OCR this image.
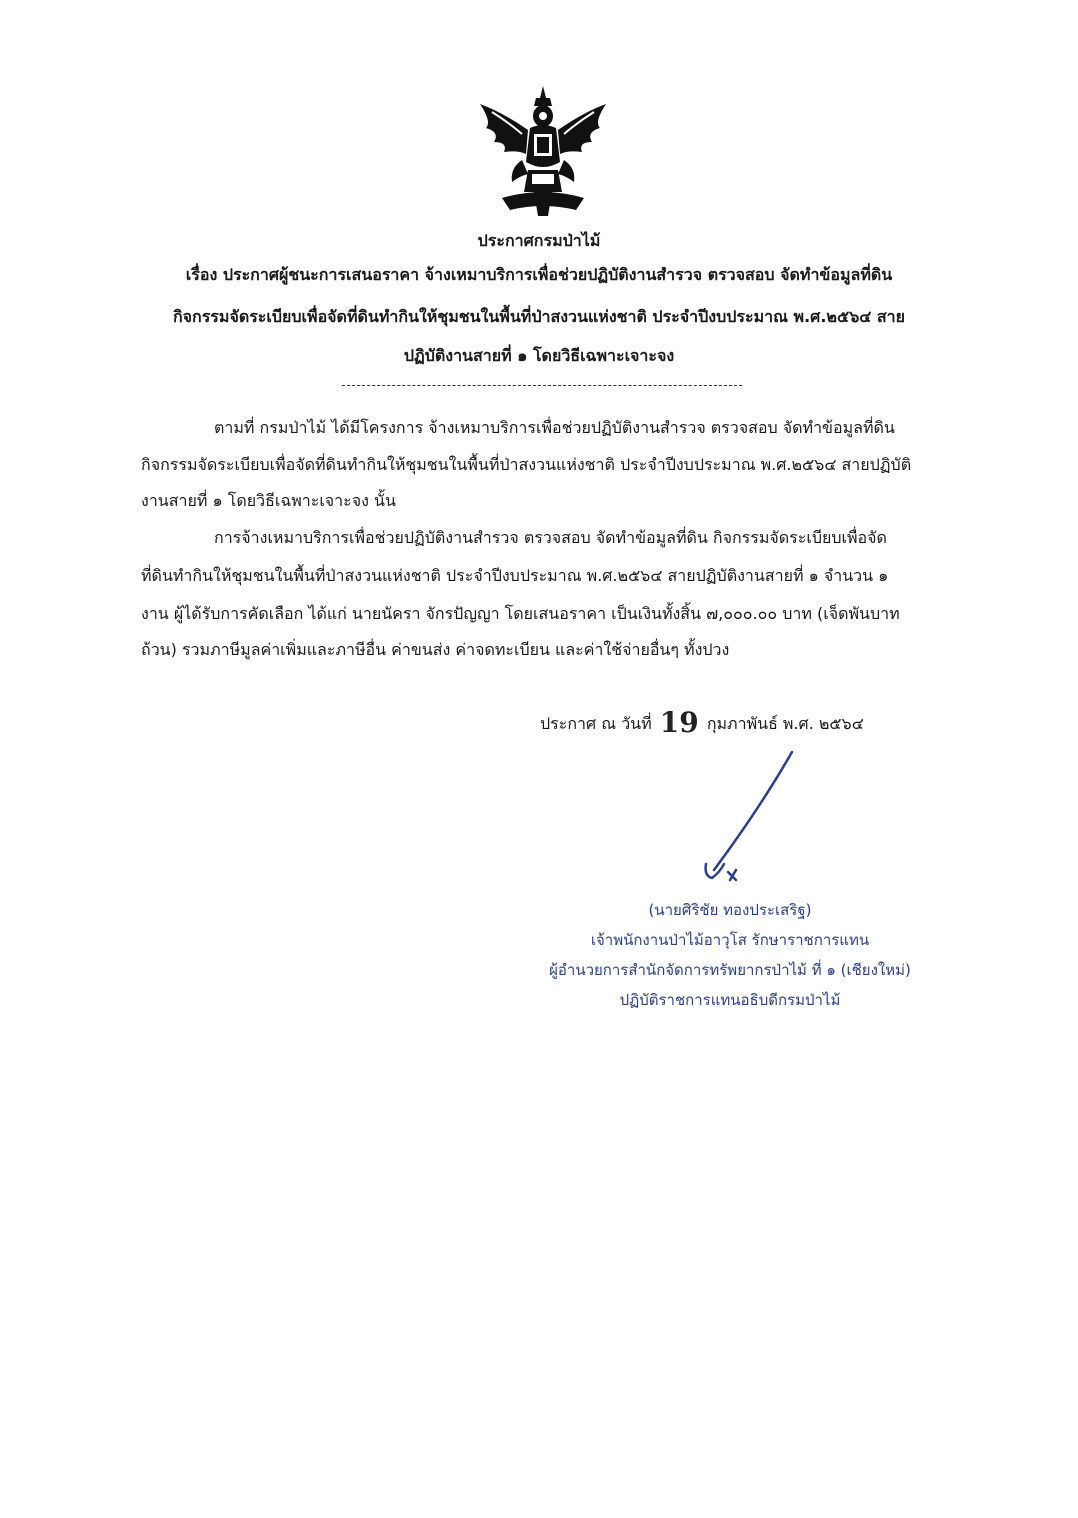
ประกาศกรมป่าไม้
เรื่อง ประกาศผู้ชนะการเสนอราคา จ้างเหมาบริการเพื่อช่วยปฏิบัติงานสำรวจ ตรวจสอบ จัดทำข้อมูลที่ดิน
กิจกรรมจัดระเบียบเพื่อจัดที่ดินทำกินให้ชุมชนในพื้นที่ป่าสงวนแห่งชาติ ประจำปีงบประมาณ พ.ศ.๒๕๖๔ สาย
ปฏิบัติงานสายที่ ๑ โดยวิธีเฉพาะเจาะจง
ตามที่ กรมป่าไม้ ได้มีโครงการ จ้างเหมาบริการเพื่อช่วยปฏิบัติงานสำรวจ ตรวจสอบ จัดทำข้อมูลที่ดิน
กิจกรรมจัดระเบียบเพื่อจัดที่ดินทำกินให้ชุมชนในพื้นที่ป่าสงวนแห่งชาติ ประจำปีงบประมาณ พ.ศ.๒๕๖๔ สายปฏิบัติ
งานสายที่ ๑ โดยวิธีเฉพาะเจาะจง นั้น
การจ้างเหมาบริการเพื่อช่วยปฏิบัติงานสำรวจ ตรวจสอบ จัดทำข้อมูลที่ดิน กิจกรรมจัดระเบียบเพื่อจัด
ที่ดินทำกินให้ชุมชนในพื้นที่ป่าสงวนแห่งชาติ ประจำปีงบประมาณ พ.ศ.๒๕๖๔ สายปฏิบัติงานสายที่ ๑ จำนวน ๑
งาน ผู้ได้รับการคัดเลือก ได้แก่ นายนัครา จักรปัญญา โดยเสนอราคา เป็นเงินทั้งสิ้น ๗,๐๐๐.๐๐ บาท (เจ็ดพันบาท
ถ้วน) รวมภาษีมูลค่าเพิ่มและภาษีอื่น ค่าขนส่ง ค่าจดทะเบียน และค่าใช้จ่ายอื่นๆ ทั้งปวง
ประกาศ ณ วันที่ 19 กุมภาพันธ์ พ.ศ. ๒๕๖๔
(นายศิริชัย ทองประเสริฐ)
เจ้าพนักงานป่าไม้อาวุโส รักษาราชการแทน
ผู้อำนวยการสำนักจัดการทรัพยากรป่าไม้ ที่ ๑ (เชียงใหม่)
ปฏิบัติราชการแทนอธิบดีกรมป่าไม้
